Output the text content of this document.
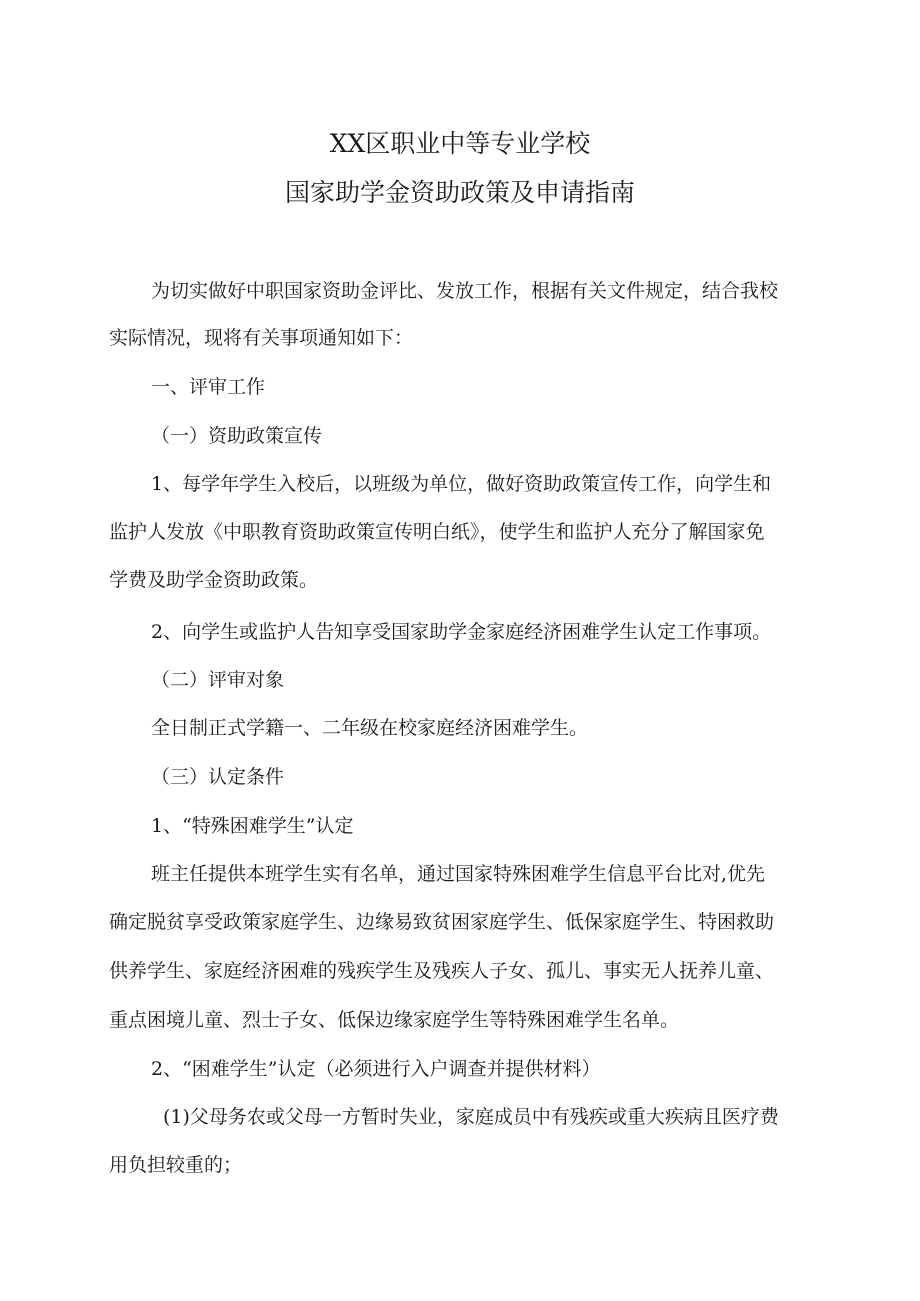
XX区职业中等专业学校
国家助学金资助政策及申请指南
为切实做好中职国家资助金评比、发放工作，根据有关文件规定，结合我校
实际情况，现将有关事项通知如下：
一、评审工作
（一）资助政策宣传
1、每学年学生入校后，以班级为单位，做好资助政策宣传工作，向学生和
监护人发放《中职教育资助政策宣传明白纸》，使学生和监护人充分了解国家免
学费及助学金资助政策。
2、向学生或监护人告知享受国家助学金家庭经济困难学生认定工作事项。
（二）评审对象
全日制正式学籍一、二年级在校家庭经济困难学生。
（三）认定条件
1、“特殊困难学生”认定
班主任提供本班学生实有名单，通过国家特殊困难学生信息平台比对,优先
确定脱贫享受政策家庭学生、边缘易致贫困家庭学生、低保家庭学生、特困救助
供养学生、家庭经济困难的残疾学生及残疾人子女、孤儿、事实无人抚养儿童、
重点困境儿童、烈士子女、低保边缘家庭学生等特殊困难学生名单。
2、“困难学生”认定（必须进行入户调查并提供材料）
(1)父母务农或父母一方暂时失业，家庭成员中有残疾或重大疾病且医疗费
用负担较重的；
